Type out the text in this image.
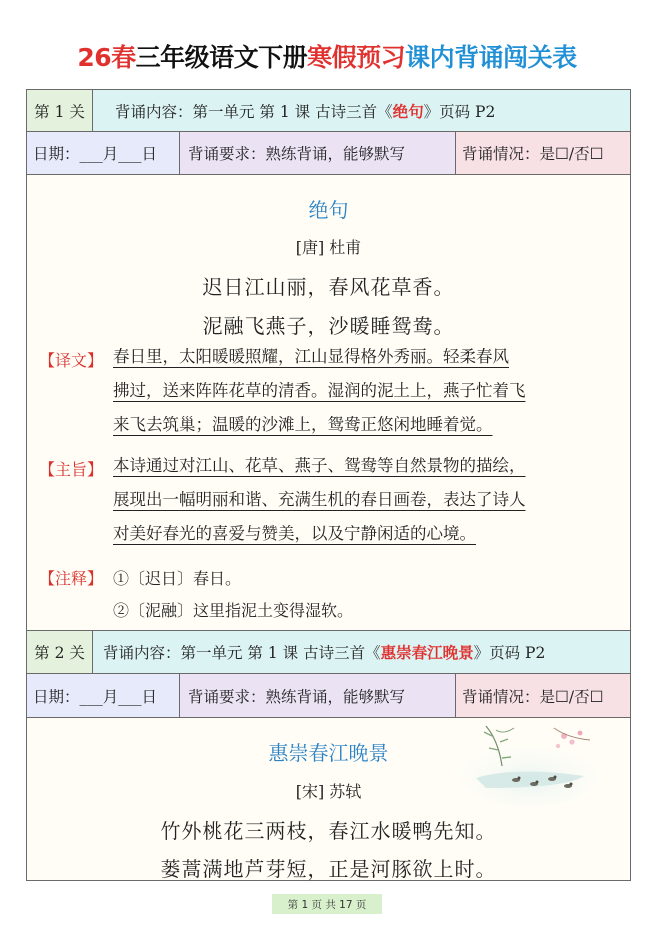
26春三年级语文下册寒假预习课内背诵闯关表
第 1 关	背诵内容：第一单元 第 1 课 古诗三首《 绝句 》页码 P2
日期：___月___日	背诵要求：熟练背诵，能够默写	背诵情况：是☐/否☐
绝句
[唐] 杜甫
迟日江山丽，春风花草香。
泥融飞燕子，沙暖睡鸳鸯。
【译文】 春日里，太阳暖暖照耀，江山显得格外秀丽。轻柔春风
拂过，送来阵阵花草的清香。湿润的泥土上，燕子忙着飞
来飞去筑巢；温暖的沙滩上，鸳鸯正悠闲地睡着觉。
【主旨】 本诗通过对江山、花草、燕子、鸳鸯等自然景物的描绘，
展现出一幅明丽和谐、充满生机的春日画卷，表达了诗人
对美好春光的喜爱与赞美，以及宁静闲适的心境。
【注释】 ①〔迟日〕春日。
②〔泥融〕这里指泥土变得湿软。
第 2 关	背诵内容：第一单元 第 1 课 古诗三首《 惠崇春江晚景 》页码 P2
日期：___月___日	背诵要求：熟练背诵，能够默写	背诵情况：是☐/否☐
惠崇春江晚景
[宋] 苏轼
竹外桃花三两枝，春江水暖鸭先知。
蒌蒿满地芦芽短，正是河豚欲上时。
第 1 页 共 17 页
